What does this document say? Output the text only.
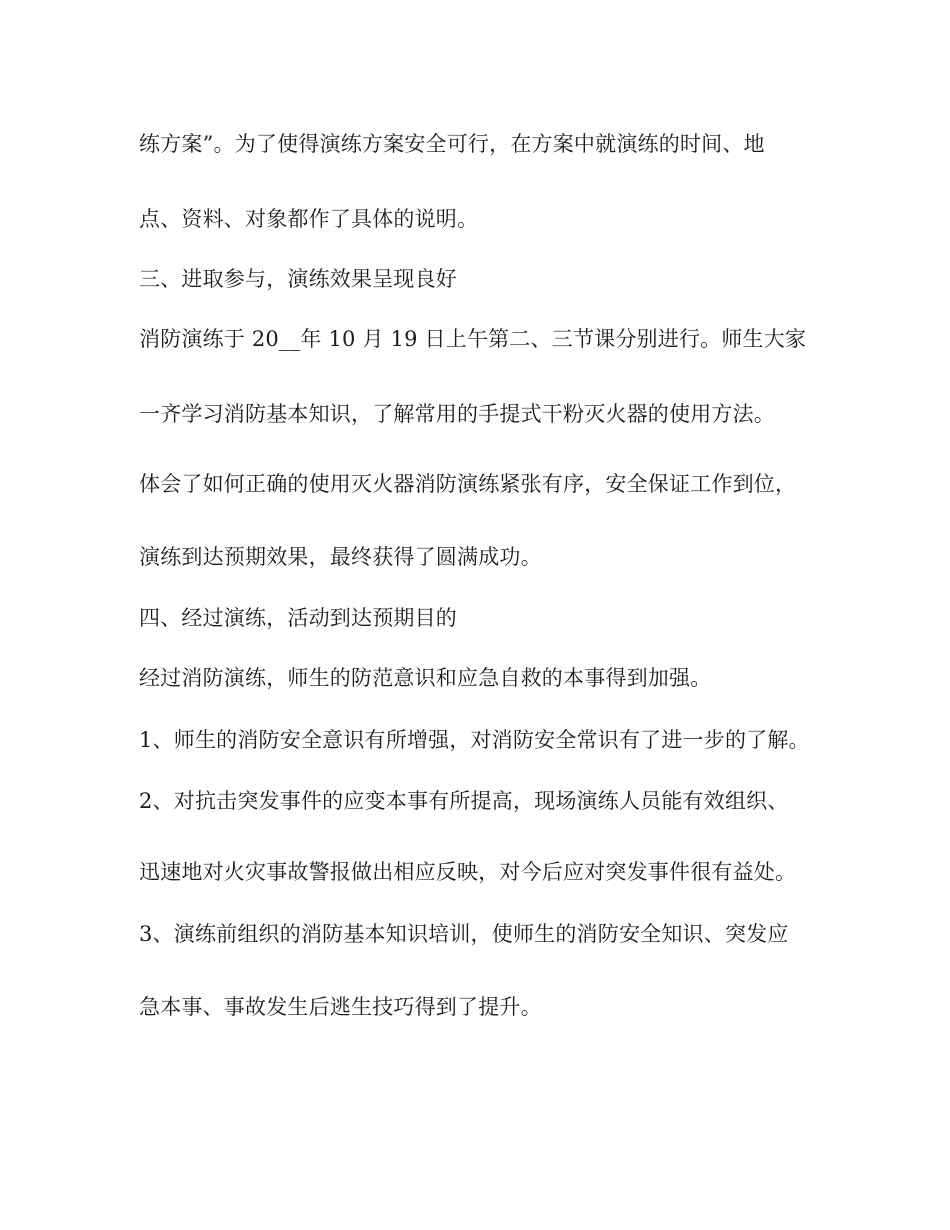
练方案”。为了使得演练方案安全可行，在方案中就演练的时间、地
点、资料、对象都作了具体的说明。
三、进取参与，演练效果呈现良好
消防演练于 20__年 10 月 19 日上午第二、三节课分别进行。师生大家
一齐学习消防基本知识，了解常用的手提式干粉灭火器的使用方法。
体会了如何正确的使用灭火器消防演练紧张有序，安全保证工作到位，
演练到达预期效果，最终获得了圆满成功。
四、经过演练，活动到达预期目的
经过消防演练，师生的防范意识和应急自救的本事得到加强。
1、师生的消防安全意识有所增强，对消防安全常识有了进一步的了解。
2、对抗击突发事件的应变本事有所提高，现场演练人员能有效组织、
迅速地对火灾事故警报做出相应反映，对今后应对突发事件很有益处。
3、演练前组织的消防基本知识培训，使师生的消防安全知识、突发应
急本事、事故发生后逃生技巧得到了提升。
